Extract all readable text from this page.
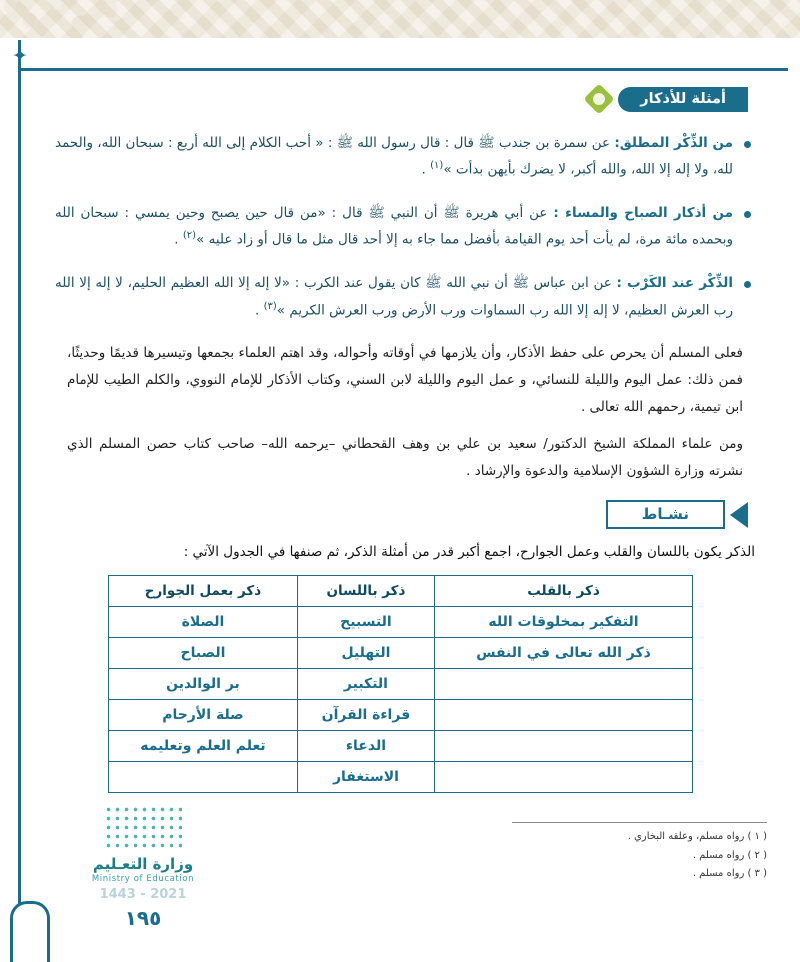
✦
أمثلة للأذكار
من الذِّكْر المطلق: عن سمرة بن جندب ﷺ قال : قال رسول الله ﷺ : « أحب الكلام إلى الله أربع : سبحان الله، والحمد لله، ولا إله إلا الله، والله أكبر، لا يضرك بأيهن بدأت »$^{(١)}$ .
من أذكار الصباح والمساء : عن أبي هريرة ﷺ أن النبي ﷺ قال : «من قال حين يصبح وحين يمسي : سبحان الله وبحمده مائة مرة، لم يأت أحد يوم القيامة بأفضل مما جاء به إلا أحد قال مثل ما قال أو زاد عليه »$^{(٢)}$ .
الذِّكْر عند الكَرْب : عن ابن عباس ﷺ أن نبي الله ﷺ كان يقول عند الكرب : «لا إله إلا الله العظيم الحليم، لا إله إلا الله رب العرش العظيم، لا إله إلا الله رب السماوات ورب الأرض ورب العرش الكريم »$^{(٣)}$ .

فعلى المسلم أن يحرص على حفظ الأذكار، وأن يلازمها في أوقاته وأحواله، وقد اهتم العلماء بجمعها وتيسيرها قديمًا وحديثًا، فمن ذلك: عمل اليوم والليلة للنسائي، و عمل اليوم والليلة لابن السني، وكتاب الأذكار للإمام النووي، والكلم الطيب للإمام ابن تيمية، رحمهم الله تعالى .

ومن علماء المملكة الشيخ الدكتور/ سعيد بن علي بن وهف القحطاني –يرحمه الله– صاحب كتاب حصن المسلم الذي نشرته وزارة الشؤون الإسلامية والدعوة والإرشاد .

نشـاط
الذكر يكون باللسان والقلب وعمل الجوارح، اجمع أكبر قدر من أمثلة الذكر، ثم صنفها في الجدول الآتي :
ذكر بالقلب	ذكر باللسان	ذكر بعمل الجوارح
التفكير بمخلوقات الله	التسبيح	الصلاة
ذكر الله تعالى في النفس	التهليل	الصباح
	التكبير	بر الوالدين
	قراءة القرآن	صلة الأرحام
	الدعاء	تعلم العلم وتعليمه
	الاستغفار	
( ١ ) رواه مسلم، وعلقه البخاري .
( ٢ ) رواه مسلم .
( ٣ ) رواه مسلم .
وزارة التعـليم
Ministry of Education
2021 - 1443
١٩٥
